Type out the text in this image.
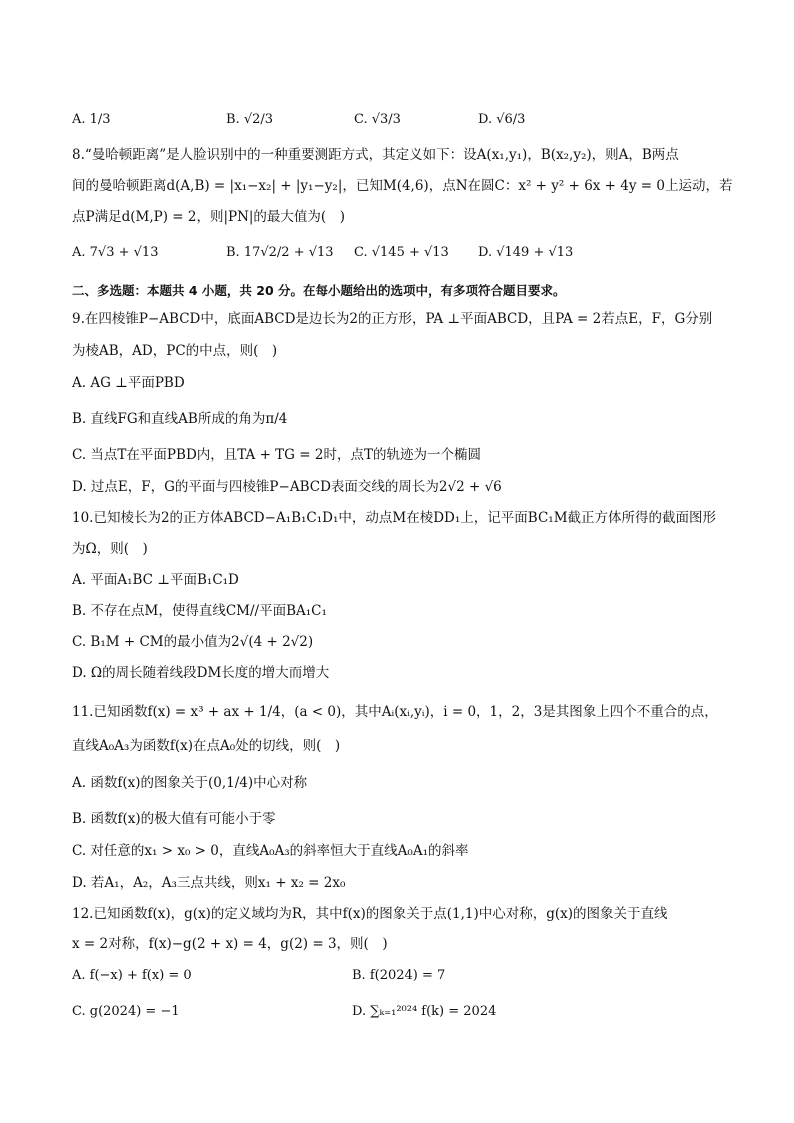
A. 1/3	B. √2/3	C. √3/3	D. √6/3
8.“曼哈顿距离”是人脸识别中的一种重要测距方式，其定义如下：设A(x₁,y₁)，B(x₂,y₂)，则A，B两点
间的曼哈顿距离d(A,B) = |x₁−x₂| + |y₁−y₂|，已知M(4,6)，点N在圆C：x² + y² + 6x + 4y = 0上运动，若
点P满足d(M,P) = 2，则|PN|的最大值为(　)
A. 7√3 + √13	B. 17√2/2 + √13 C. √145 + √13 D. √149 + √13
二、多选题：本题共 4 小题，共 20 分。在每小题给出的选项中，有多项符合题目要求。
9.在四棱锥P−ABCD中，底面ABCD是边长为2的正方形，PA ⊥平面ABCD，且PA = 2若点E，F，G分别
为棱AB，AD，PC的中点，则(　)
A. AG ⊥平面PBD
B. 直线FG和直线AB所成的角为π/4
C. 当点T在平面PBD内，且TA + TG = 2时，点T的轨迹为一个椭圆
D. 过点E，F，G的平面与四棱锥P−ABCD表面交线的周长为2√2 + √6
10.已知棱长为2的正方体ABCD−A₁B₁C₁D₁中，动点M在棱DD₁上，记平面BC₁M截正方体所得的截面图形
为Ω，则(　)
A. 平面A₁BC ⊥平面B₁C₁D
B. 不存在点M，使得直线CM//平面BA₁C₁
C. B₁M + CM的最小值为2√(4 + 2√2)
D. Ω的周长随着线段DM长度的增大而增大
11.已知函数f(x) = x³ + ax + 1/4，(a < 0)，其中Aᵢ(xᵢ,yᵢ)，i = 0，1，2，3是其图象上四个不重合的点，
直线A₀A₃为函数f(x)在点A₀处的切线，则(　)
A. 函数f(x)的图象关于(0,1/4)中心对称
B. 函数f(x)的极大值有可能小于零
C. 对任意的x₁ > x₀ > 0，直线A₀A₃的斜率恒大于直线A₀A₁的斜率
D. 若A₁，A₂，A₃三点共线，则x₁ + x₂ = 2x₀
12.已知函数f(x)，g(x)的定义域均为R，其中f(x)的图象关于点(1,1)中心对称，g(x)的图象关于直线
x = 2对称，f(x)−g(2 + x) = 4，g(2) = 3，则(　)
A. f(−x) + f(x) = 0	B. f(2024) = 7
C. g(2024) = −1	D. ∑ₖ₌₁²⁰²⁴ f(k) = 2024
